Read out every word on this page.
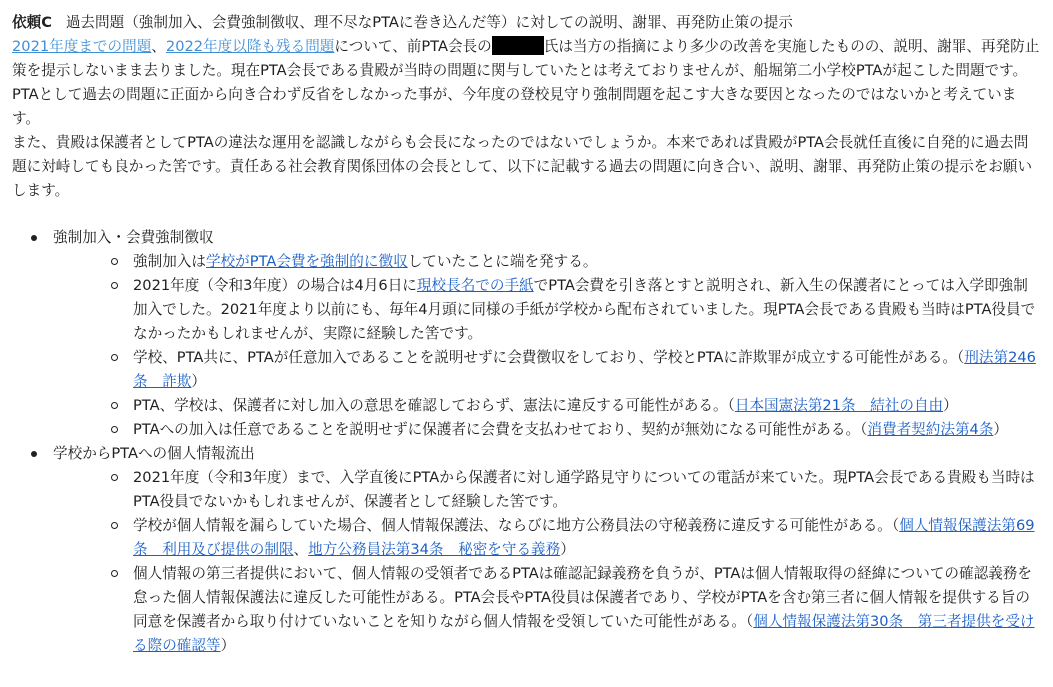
依頼C 過去問題（強制加入、会費強制徴収、理不尽なPTAに巻き込んだ等）に対しての説明、謝罪、再発防止策の提示

2021年度までの問題、2022年度以降も残る問題について、前PTA会長の	氏は当方の指摘により多少の改善を実施したものの、説明、謝罪、再発防止策を提示しないまま去りました。現在PTA会長である貴殿が当時の問題に関与していたとは考えておりませんが、船堀第二小学校PTAが起こした問題です。PTAとして過去の問題に正面から向き合わず反省をしなかった事が、今年度の登校見守り強制問題を起こす大きな要因となったのではないかと考えています。

また、貴殿は保護者としてPTAの違法な運用を認識しながらも会長になったのではないでしょうか。本来であれば貴殿がPTA会長就任直後に自発的に過去問題に対峙しても良かった筈です。責任ある社会教育関係団体の会長として、以下に記載する過去の問題に向き合い、説明、謝罪、再発防止策の提示をお願いします。

強制加入・会費強制徴収
強制加入は学校がPTA会費を強制的に徴収していたことに端を発する。
2021年度（令和3年度）の場合は4月6日に現校長名での手紙でPTA会費を引き落とすと説明され、新入生の保護者にとっては入学即強制加入でした。2021年度より以前にも、毎年4月頭に同様の手紙が学校から配布されていました。現PTA会長である貴殿も当時はPTA役員でなかったかもしれませんが、実際に経験した筈です。
学校、PTA共に、PTAが任意加入であることを説明せずに会費徴収をしており、学校とPTAに詐欺罪が成立する可能性がある。（刑法第246条　詐欺）
PTA、学校は、保護者に対し加入の意思を確認しておらず、憲法に違反する可能性がある。（日本国憲法第21条　結社の自由）
PTAへの加入は任意であることを説明せずに保護者に会費を支払わせており、契約が無効になる可能性がある。（消費者契約法第4条）
学校からPTAへの個人情報流出
2021年度（令和3年度）まで、入学直後にPTAから保護者に対し通学路見守りについての電話が来ていた。現PTA会長である貴殿も当時はPTA役員でないかもしれませんが、保護者として経験した筈です。
学校が個人情報を漏らしていた場合、個人情報保護法、ならびに地方公務員法の守秘義務に違反する可能性がある。（個人情報保護法第69条　利用及び提供の制限、地方公務員法第34条　秘密を守る義務）
個人情報の第三者提供において、個人情報の受領者であるPTAは確認記録義務を負うが、PTAは個人情報取得の経緯についての確認義務を怠った個人情報保護法に違反した可能性がある。PTA会長やPTA役員は保護者であり、学校がPTAを含む第三者に個人情報を提供する旨の同意を保護者から取り付けていないことを知りながら個人情報を受領していた可能性がある。（個人情報保護法第30条　第三者提供を受ける際の確認等）
